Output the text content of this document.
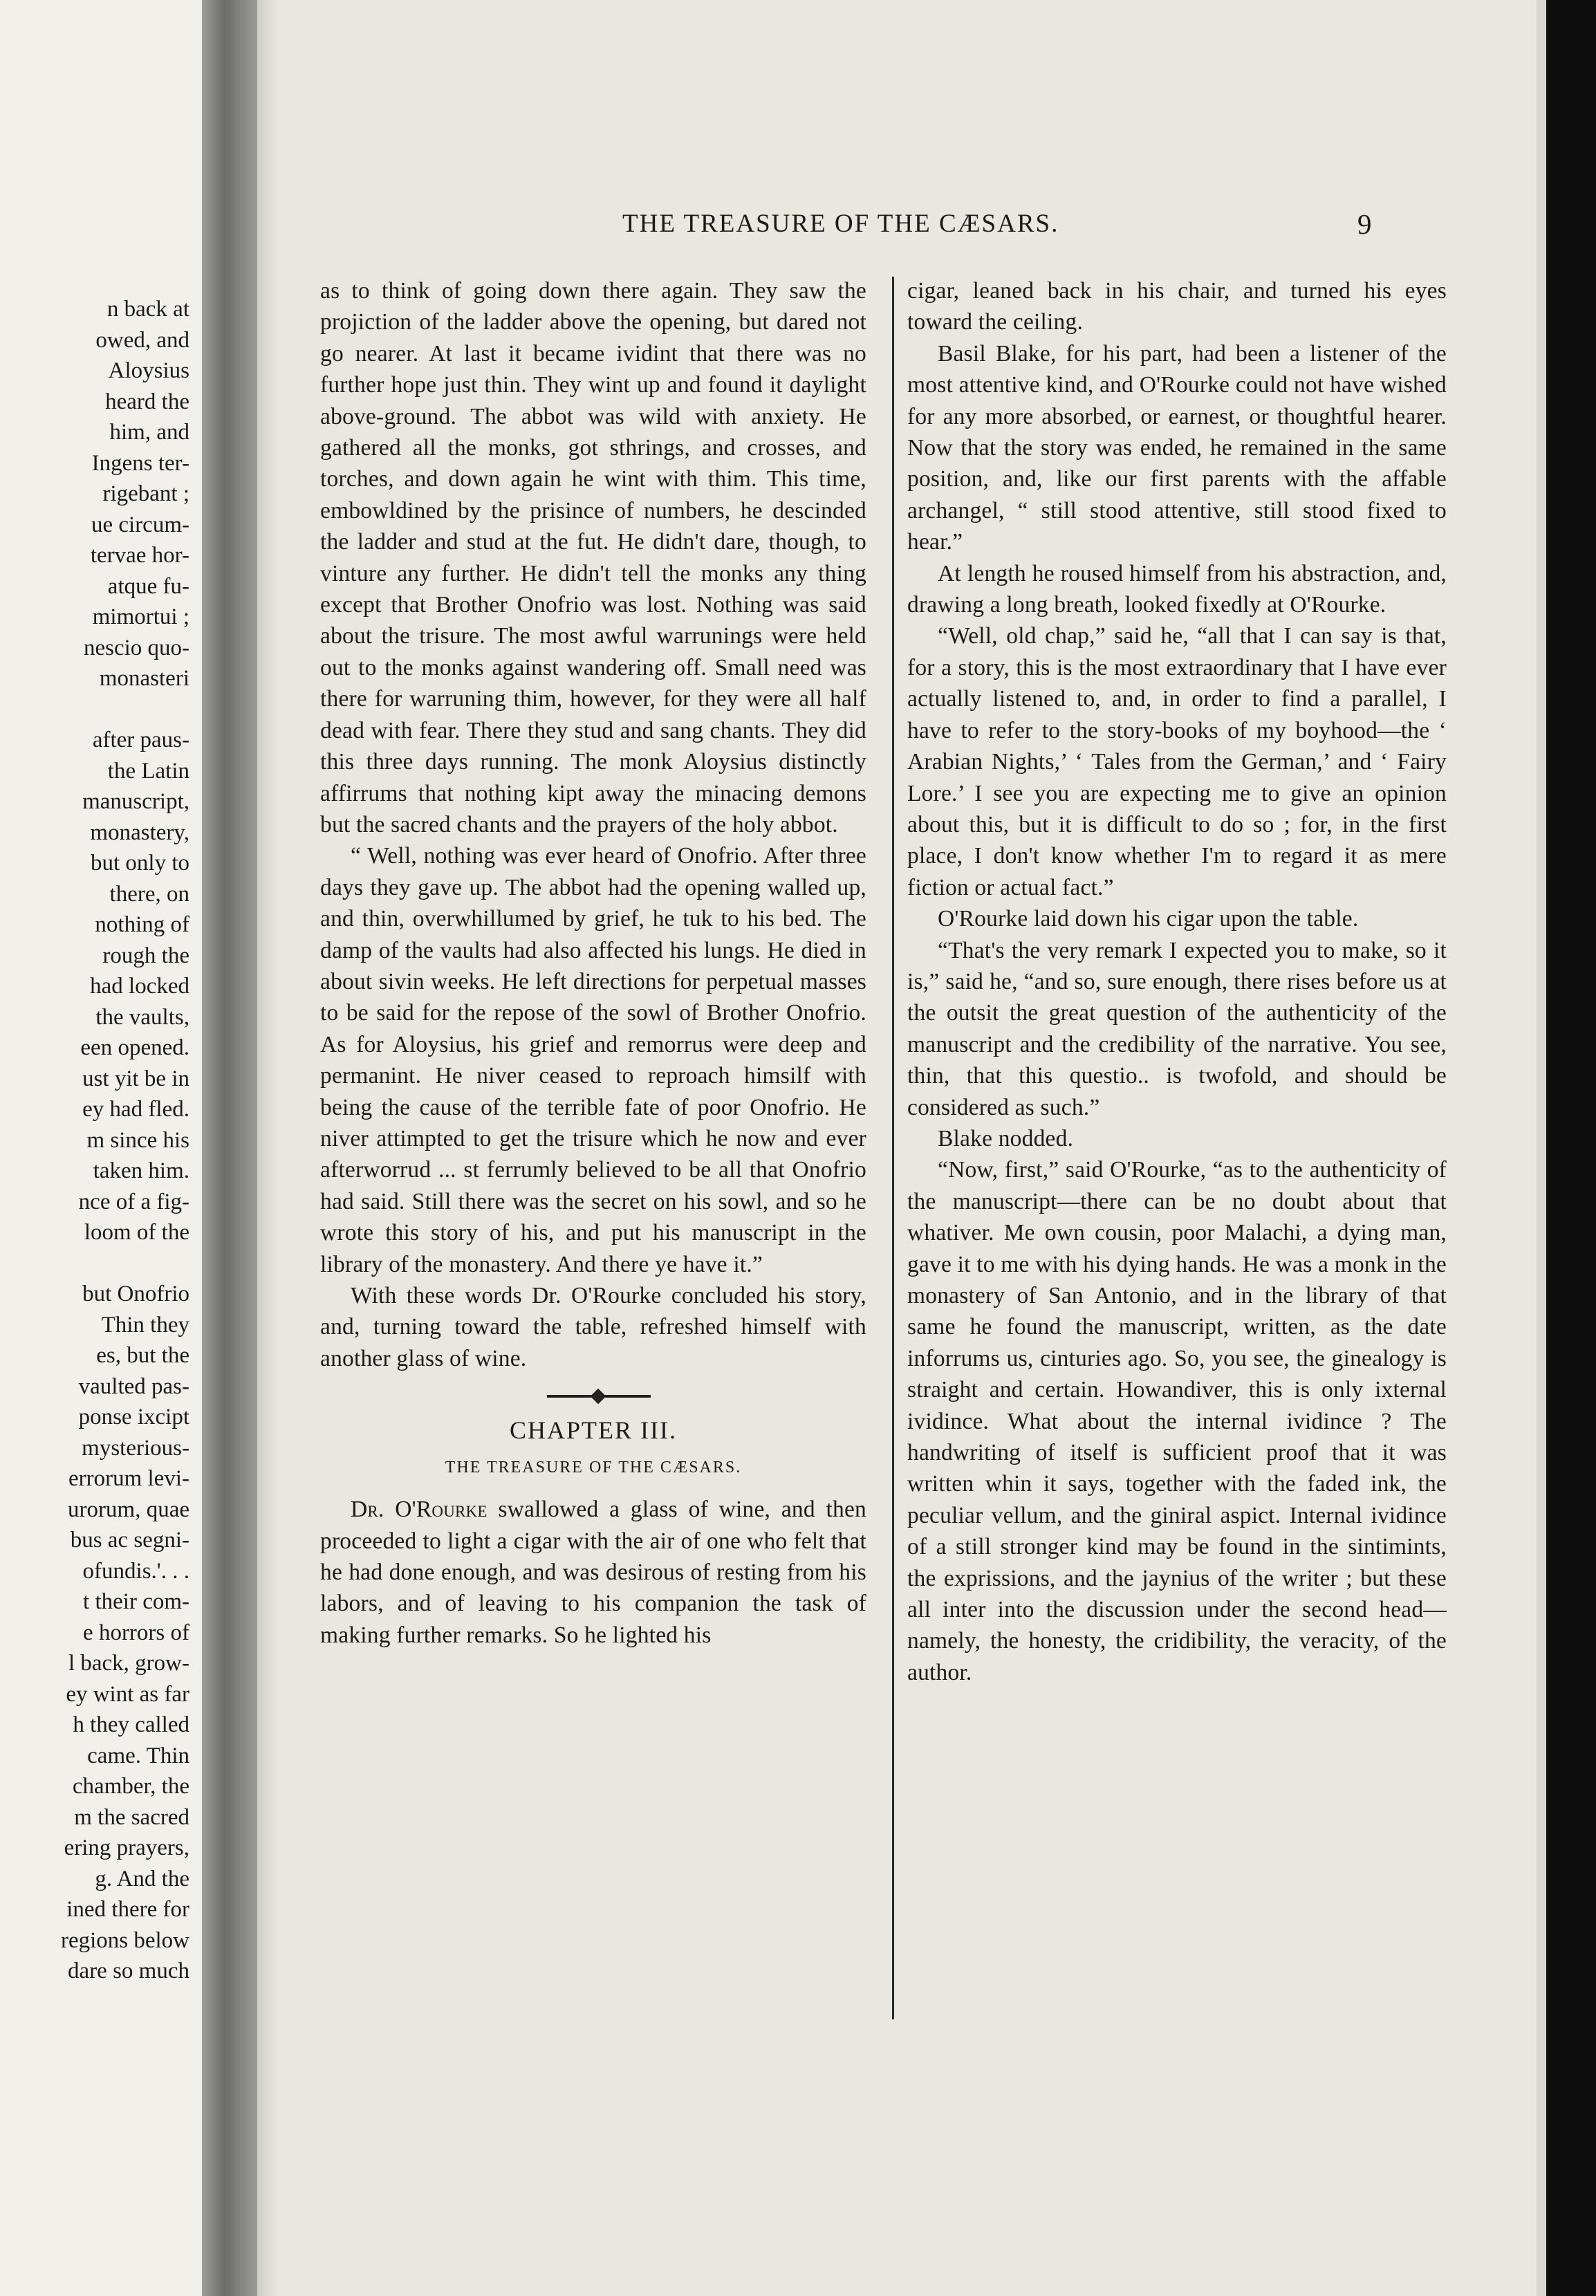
n back at
owed, and
Aloysius
heard the
him, and
Ingens ter-
rigebant ;
ue circum-
tervae hor-
atque fu-
mimortui ;
nescio quo-
monasteri
after paus-
the Latin
manuscript,
monastery,
but only to
there, on
nothing of
rough the
had locked
the vaults,
een opened.
ust yit be in
ey had fled.
m since his
taken him.
nce of a fig-
loom of the
but Onofrio
Thin they
es, but the
vaulted pas-
ponse ixcipt
mysterious-
errorum levi-
urorum, quae
bus ac segni-
ofundis.'. . .
t their com-
e horrors of
l back, grow-
ey wint as far
h they called
came. Thin
chamber, the
m the sacred
ering prayers,
g. And the
ined there for
regions below
dare so much
THE TREASURE OF THE CÆSARS.	9

as to think of going down there again. They saw the projiction of the ladder above the opening, but dared not go nearer. At last it became ividint that there was no further hope just thin. They wint up and found it daylight above-ground. The abbot was wild with anxiety. He gathered all the monks, got sthrings, and crosses, and torches, and down again he wint with thim. This time, embowldined by the prisince of numbers, he descinded the ladder and stud at the fut. He didn't dare, though, to vinture any further. He didn't tell the monks any thing except that Brother Onofrio was lost. Nothing was said about the trisure. The most awful warrunings were held out to the monks against wandering off. Small need was there for warruning thim, however, for they were all half dead with fear. There they stud and sang chants. They did this three days running. The monk Aloysius distinctly affirrums that nothing kipt away the minacing demons but the sacred chants and the prayers of the holy abbot.

“ Well, nothing was ever heard of Onofrio. After three days they gave up. The abbot had the opening walled up, and thin, overwhillumed by grief, he tuk to his bed. The damp of the vaults had also affected his lungs. He died in about sivin weeks. He left directions for perpetual masses to be said for the repose of the sowl of Brother Onofrio. As for Aloysius, his grief and remorrus were deep and permanint. He niver ceased to reproach himsilf with being the cause of the terrible fate of poor Onofrio. He niver attimpted to get the trisure which he now and ever afterworrud ... st ferrumly believed to be all that Onofrio had said. Still there was the secret on his sowl, and so he wrote this story of his, and put his manuscript in the library of the monastery. And there ye have it.”

With these words Dr. O'Rourke concluded his story, and, turning toward the table, refreshed himself with another glass of wine.

CHAPTER III.

THE TREASURE OF THE CÆSARS.

Dr. O'Rourke swallowed a glass of wine, and then proceeded to light a cigar with the air of one who felt that he had done enough, and was desirous of resting from his labors, and of leaving to his companion the task of making further remarks. So he lighted his

cigar, leaned back in his chair, and turned his eyes toward the ceiling.

Basil Blake, for his part, had been a listener of the most attentive kind, and O'Rourke could not have wished for any more absorbed, or earnest, or thoughtful hearer. Now that the story was ended, he remained in the same position, and, like our first parents with the affable archangel, “ still stood attentive, still stood fixed to hear.”

At length he roused himself from his abstraction, and, drawing a long breath, looked fixedly at O'Rourke.

“Well, old chap,” said he, “all that I can say is that, for a story, this is the most extraordinary that I have ever actually listened to, and, in order to find a parallel, I have to refer to the story-books of my boyhood—the ‘ Arabian Nights,’ ‘ Tales from the German,’ and ‘ Fairy Lore.’ I see you are expecting me to give an opinion about this, but it is difficult to do so ; for, in the first place, I don't know whether I'm to regard it as mere fiction or actual fact.”

O'Rourke laid down his cigar upon the table.

“That's the very remark I expected you to make, so it is,” said he, “and so, sure enough, there rises before us at the outsit the great question of the authenticity of the manuscript and the credibility of the narrative. You see, thin, that this questio.. is twofold, and should be considered as such.”

Blake nodded.

“Now, first,” said O'Rourke, “as to the authenticity of the manuscript—there can be no doubt about that whativer. Me own cousin, poor Malachi, a dying man, gave it to me with his dying hands. He was a monk in the monastery of San Antonio, and in the library of that same he found the manuscript, written, as the date inforrums us, cinturies ago. So, you see, the ginealogy is straight and certain. Howandiver, this is only ixternal ividince. What about the internal ividince ? The handwriting of itself is sufficient proof that it was written whin it says, together with the faded ink, the peculiar vellum, and the giniral aspict. Internal ividince of a still stronger kind may be found in the sintimints, the exprissions, and the jaynius of the writer ; but these all inter into the discussion under the second head—namely, the honesty, the cridibility, the veracity, of the author.
